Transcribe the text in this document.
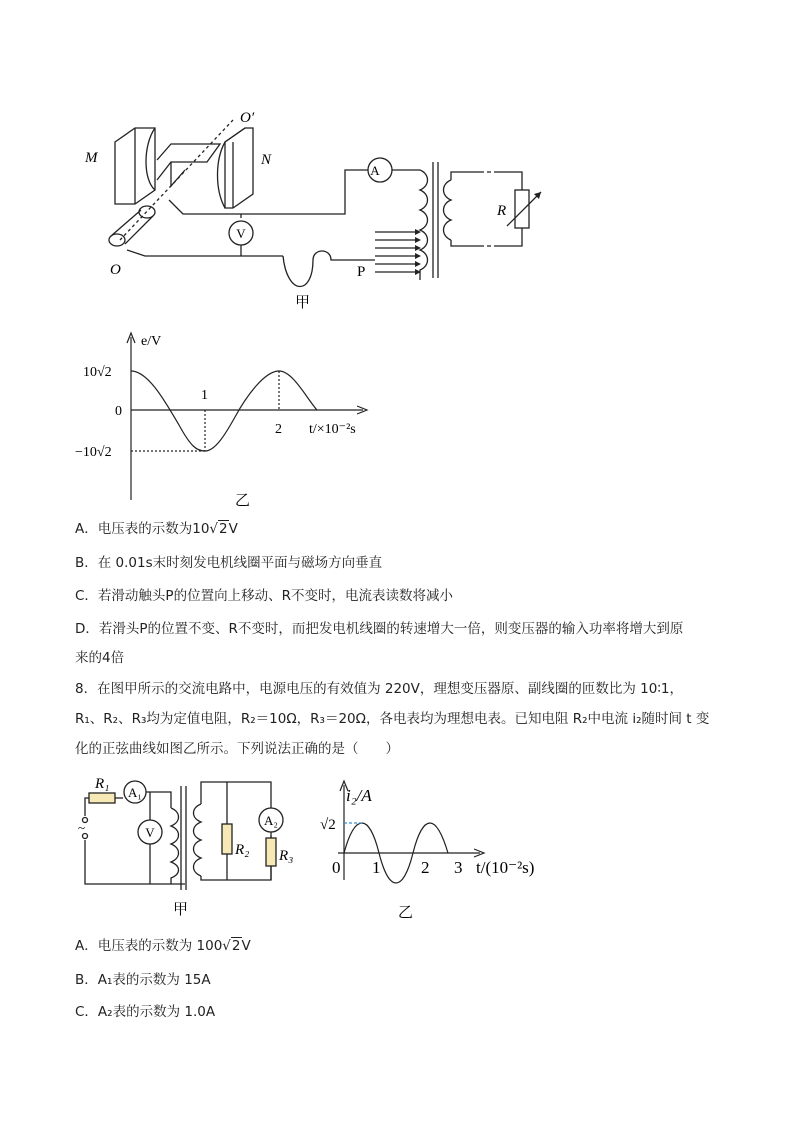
M	N
O
O′
A
V
R
P
甲
e/V
10√2
0
−10√2
1
2 t/×10⁻²s
乙
A．电压表的示数为10√2V
B．在 0.01s末时刻发电机线圈平面与磁场方向垂直
C．若滑动触头P的位置向上移动、R不变时，电流表读数将减小
D．若滑头P的位置不变、R不变时，而把发电机线圈的转速增大一倍，则变压器的输入功率将增大到原
来的4倍
8．在图甲所示的交流电路中，电源电压的有效值为 220V，理想变压器原、副线圈的匝数比为 10∶1，
R₁、R₂、R₃均为定值电阻，R₂＝10Ω，R₃＝20Ω，各电表均为理想电表。已知电阻 R₂中电流 i₂随时间 t 变
化的正弦曲线如图乙所示。下列说法正确的是（　　）
R₁
A₁
V
~
R₂
A₂
R₃
甲
i₂/A
√2
0 1 2 3 t/(10⁻²s)
乙
A．电压表的示数为 100√2V
B．A₁表的示数为 15A
C．A₂表的示数为 1.0A
